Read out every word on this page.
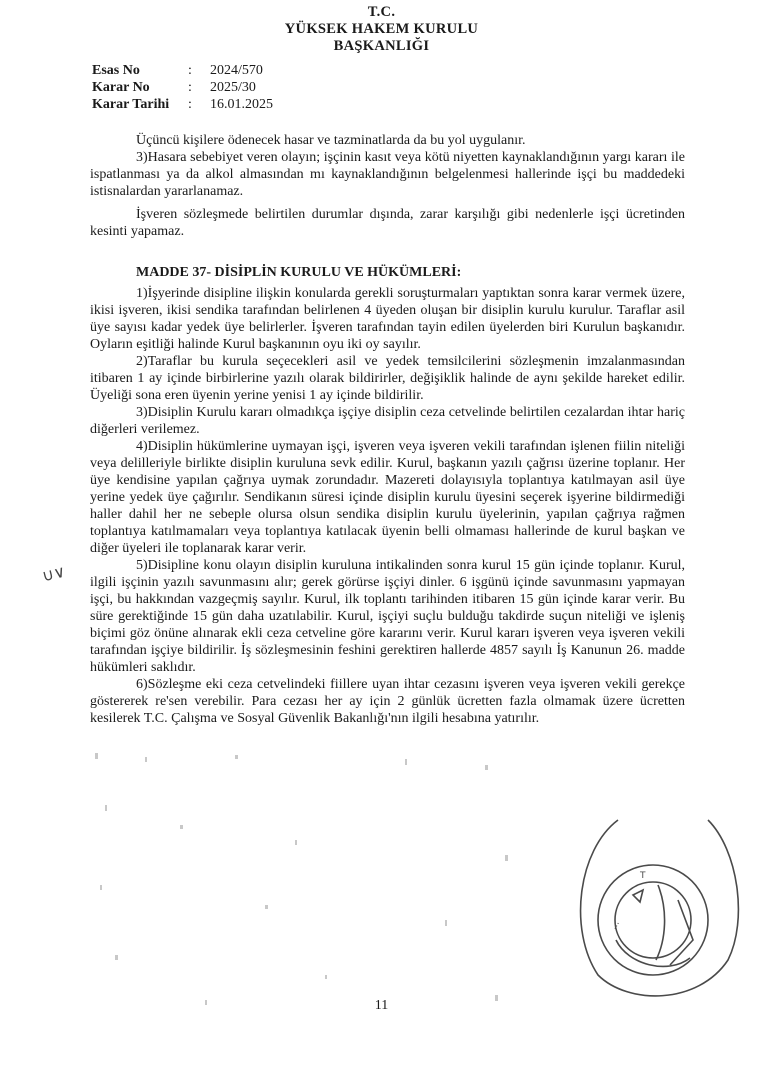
T.C.
YÜKSEK HAKEM KURULU
BAŞKANLIĞI
Esas No	:	2024/570
Karar No	:	2025/30
Karar Tarihi	:	16.01.2025

Üçüncü kişilere ödenecek hasar ve tazminatlarda da bu yol uygulanır.

3)Hasara sebebiyet veren olayın; işçinin kasıt veya kötü niyetten kaynaklandığının yargı kararı ile ispatlanması ya da alkol almasından mı kaynaklandığının belgelenmesi hallerinde işçi bu maddedeki istisnalardan yararlanamaz.

İşveren sözleşmede belirtilen durumlar dışında, zarar karşılığı gibi nedenlerle işçi ücretinden kesinti yapamaz.

MADDE 37- DİSİPLİN KURULU VE HÜKÜMLERİ:

1)İşyerinde disipline ilişkin konularda gerekli soruşturmaları yaptıktan sonra karar vermek üzere, ikisi işveren, ikisi sendika tarafından belirlenen 4 üyeden oluşan bir disiplin kurulu kurulur. Taraflar asil üye sayısı kadar yedek üye belirlerler. İşveren tarafından tayin edilen üyelerden biri Kurulun başkanıdır. Oyların eşitliği halinde Kurul başkanının oyu iki oy sayılır.

2)Taraflar bu kurula seçecekleri asil ve yedek temsilcilerini sözleşmenin imzalanmasından itibaren 1 ay içinde birbirlerine yazılı olarak bildirirler, değişiklik halinde de aynı şekilde hareket edilir. Üyeliği sona eren üyenin yerine yenisi 1 ay içinde bildirilir.

3)Disiplin Kurulu kararı olmadıkça işçiye disiplin ceza cetvelinde belirtilen cezalardan ihtar hariç diğerleri verilemez.

4)Disiplin hükümlerine uymayan işçi, işveren veya işveren vekili tarafından işlenen fiilin niteliği veya delilleriyle birlikte disiplin kuruluna sevk edilir. Kurul, başkanın yazılı çağrısı üzerine toplanır. Her üye kendisine yapılan çağrıya uymak zorundadır. Mazereti dolayısıyla toplantıya katılmayan asil üye yerine yedek üye çağırılır. Sendikanın süresi içinde disiplin kurulu üyesini seçerek işyerine bildirmediği haller dahil her ne sebeple olursa olsun sendika disiplin kurulu üyelerinin, yapılan çağrıya rağmen toplantıya katılmamaları veya toplantıya katılacak üyenin belli olmaması hallerinde de kurul başkan ve diğer üyeleri ile toplanarak karar verir.

5)Disipline konu olayın disiplin kuruluna intikalinden sonra kurul 15 gün içinde toplanır. Kurul, ilgili işçinin yazılı savunmasını alır; gerek görürse işçiyi dinler. 6 işgünü içinde savunmasını yapmayan işçi, bu hakkından vazgeçmiş sayılır. Kurul, ilk toplantı tarihinden itibaren 15 gün içinde karar verir. Bu süre gerektiğinde 15 gün daha uzatılabilir. Kurul, işçiyi suçlu bulduğu takdirde suçun niteliği ve işleniş biçimi göz önüne alınarak ekli ceza cetveline göre kararını verir. Kurul kararı işveren veya işveren vekili tarafından işçiye bildirilir. İş sözleşmesinin feshini gerektiren hallerde 4857 sayılı İş Kanunun 26. madde hükümleri saklıdır.

6)Sözleşme eki ceza cetvelindeki fiillere uyan ihtar cezasını işveren veya işveren vekili gerekçe göstererek re'sen verebilir. Para cezası her ay için 2 günlük ücretten fazla olmamak üzere ücretten kesilerek T.C. Çalışma ve Sosyal Güvenlik Bakanlığı'nın ilgili hesabına yatırılır.

∪∨
T
...
11
